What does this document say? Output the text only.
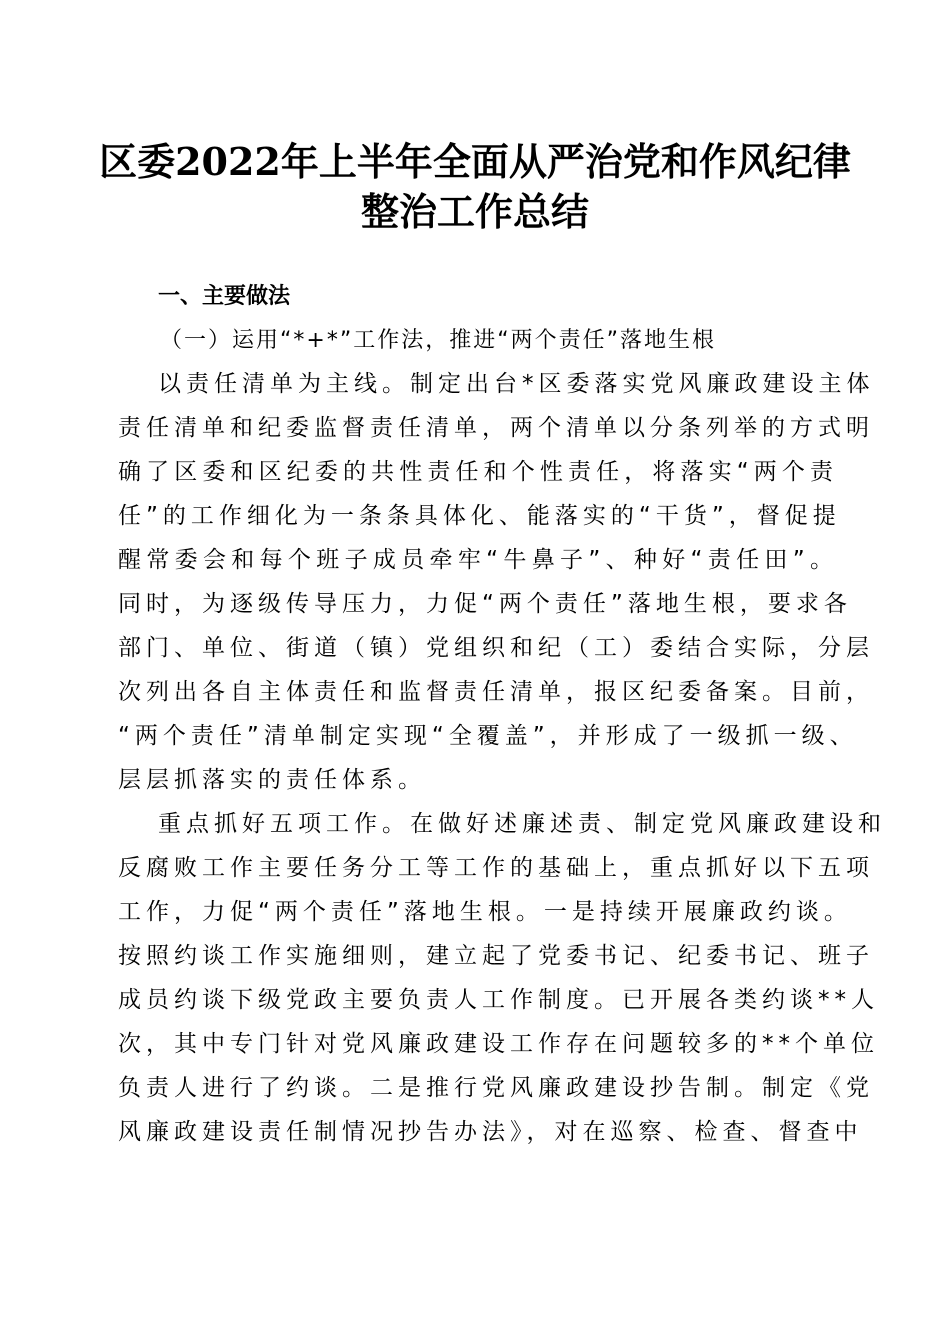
区委2022年上半年全面从严治党和作风纪律
整治工作总结
一、主要做法
（一）运用“*+*”工作法，推进“两个责任”落地生根
以责任清单为主线。制定出台*区委落实党风廉政建设主体
责任清单和纪委监督责任清单，两个清单以分条列举的方式明
确了区委和区纪委的共性责任和个性责任，将落实“两个责
任”的工作细化为一条条具体化、能落实的“干货”，督促提
醒常委会和每个班子成员牵牢“牛鼻子”、种好“责任田”。
同时，为逐级传导压力，力促“两个责任”落地生根，要求各
部门、单位、街道（镇）党组织和纪（工）委结合实际，分层
次列出各自主体责任和监督责任清单，报区纪委备案。目前，
“两个责任”清单制定实现“全覆盖”，并形成了一级抓一级、
层层抓落实的责任体系。
重点抓好五项工作。在做好述廉述责、制定党风廉政建设和
反腐败工作主要任务分工等工作的基础上，重点抓好以下五项
工作，力促“两个责任”落地生根。一是持续开展廉政约谈。
按照约谈工作实施细则，建立起了党委书记、纪委书记、班子
成员约谈下级党政主要负责人工作制度。已开展各类约谈**人
次，其中专门针对党风廉政建设工作存在问题较多的**个单位
负责人进行了约谈。二是推行党风廉政建设抄告制。制定《党
风廉政建设责任制情况抄告办法》，对在巡察、检查、督查中
